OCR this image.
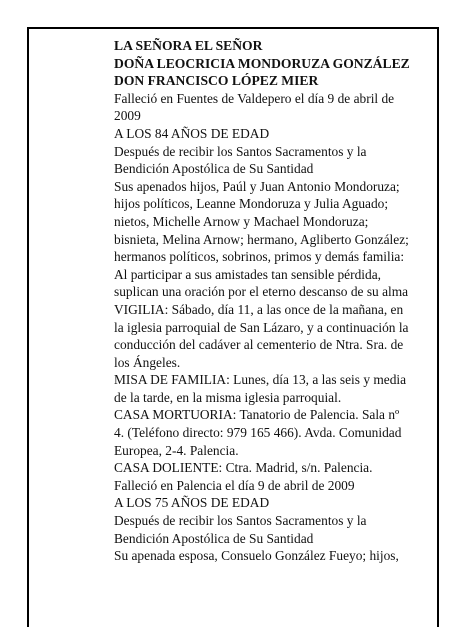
LA SEÑORA EL SEÑOR
DOÑA LEOCRICIA MONDORUZA GONZÁLEZ
DON FRANCISCO LÓPEZ MIER
Falleció en Fuentes de Valdepero el día 9 de abril de
2009
A LOS 84 AÑOS DE EDAD
Después de recibir los Santos Sacramentos y la
Bendición Apostólica de Su Santidad
Sus apenados hijos, Paúl y Juan Antonio Mondoruza;
hijos políticos, Leanne Mondoruza y Julia Aguado;
nietos, Michelle Arnow y Machael Mondoruza;
bisnieta, Melina Arnow; hermano, Agliberto González;
hermanos políticos, sobrinos, primos y demás familia:
Al participar a sus amistades tan sensible pérdida,
suplican una oración por el eterno descanso de su alma
VIGILIA: Sábado, día 11, a las once de la mañana, en
la iglesia parroquial de San Lázaro, y a continuación la
conducción del cadáver al cementerio de Ntra. Sra. de
los Ángeles.
MISA DE FAMILIA: Lunes, día 13, a las seis y media
de la tarde, en la misma iglesia parroquial.
CASA MORTUORIA: Tanatorio de Palencia. Sala nº
4. (Teléfono directo: 979 165 466). Avda. Comunidad
Europea, 2-4. Palencia.
CASA DOLIENTE: Ctra. Madrid, s/n. Palencia.
Falleció en Palencia el día 9 de abril de 2009
A LOS 75 AÑOS DE EDAD
Después de recibir los Santos Sacramentos y la
Bendición Apostólica de Su Santidad
Su apenada esposa, Consuelo González Fueyo; hijos,
